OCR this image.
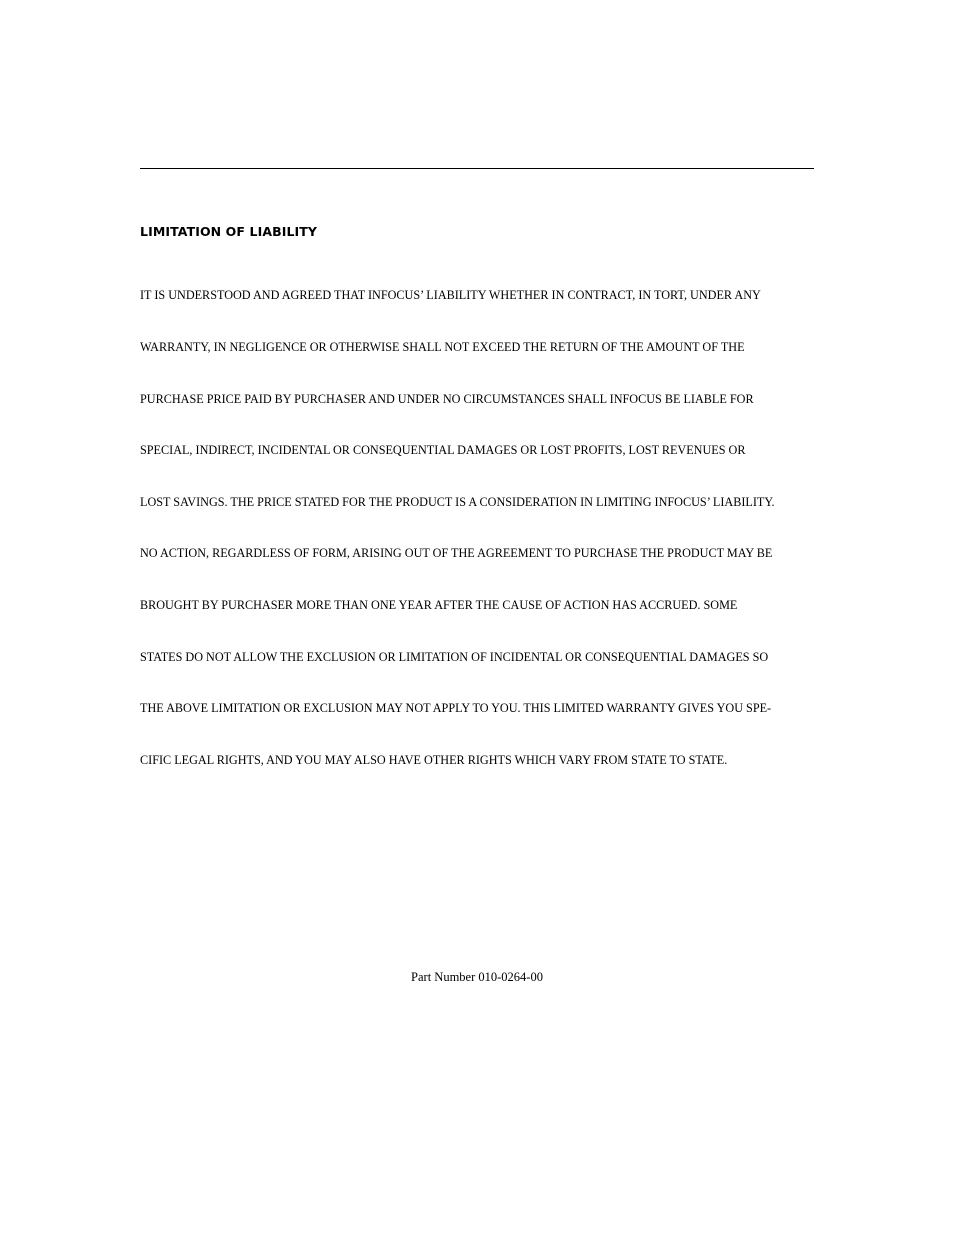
LIMITATION OF LIABILITY

IT IS UNDERSTOOD AND AGREED THAT INFOCUS’ LIABILITY WHETHER IN CONTRACT, IN TORT, UNDER ANY

WARRANTY, IN NEGLIGENCE OR OTHERWISE SHALL NOT EXCEED THE RETURN OF THE AMOUNT OF THE

PURCHASE PRICE PAID BY PURCHASER AND UNDER NO CIRCUMSTANCES SHALL INFOCUS BE LIABLE FOR

SPECIAL, INDIRECT, INCIDENTAL OR CONSEQUENTIAL DAMAGES OR LOST PROFITS, LOST REVENUES OR

LOST SAVINGS. THE PRICE STATED FOR THE PRODUCT IS A CONSIDERATION IN LIMITING INFOCUS’ LIABILITY.

NO ACTION, REGARDLESS OF FORM, ARISING OUT OF THE AGREEMENT TO PURCHASE THE PRODUCT MAY BE

BROUGHT BY PURCHASER MORE THAN ONE YEAR AFTER THE CAUSE OF ACTION HAS ACCRUED. SOME

STATES DO NOT ALLOW THE EXCLUSION OR LIMITATION OF INCIDENTAL OR CONSEQUENTIAL DAMAGES SO

THE ABOVE LIMITATION OR EXCLUSION MAY NOT APPLY TO YOU. THIS LIMITED WARRANTY GIVES YOU SPE-

CIFIC LEGAL RIGHTS, AND YOU MAY ALSO HAVE OTHER RIGHTS WHICH VARY FROM STATE TO STATE.

Part Number 010-0264-00
